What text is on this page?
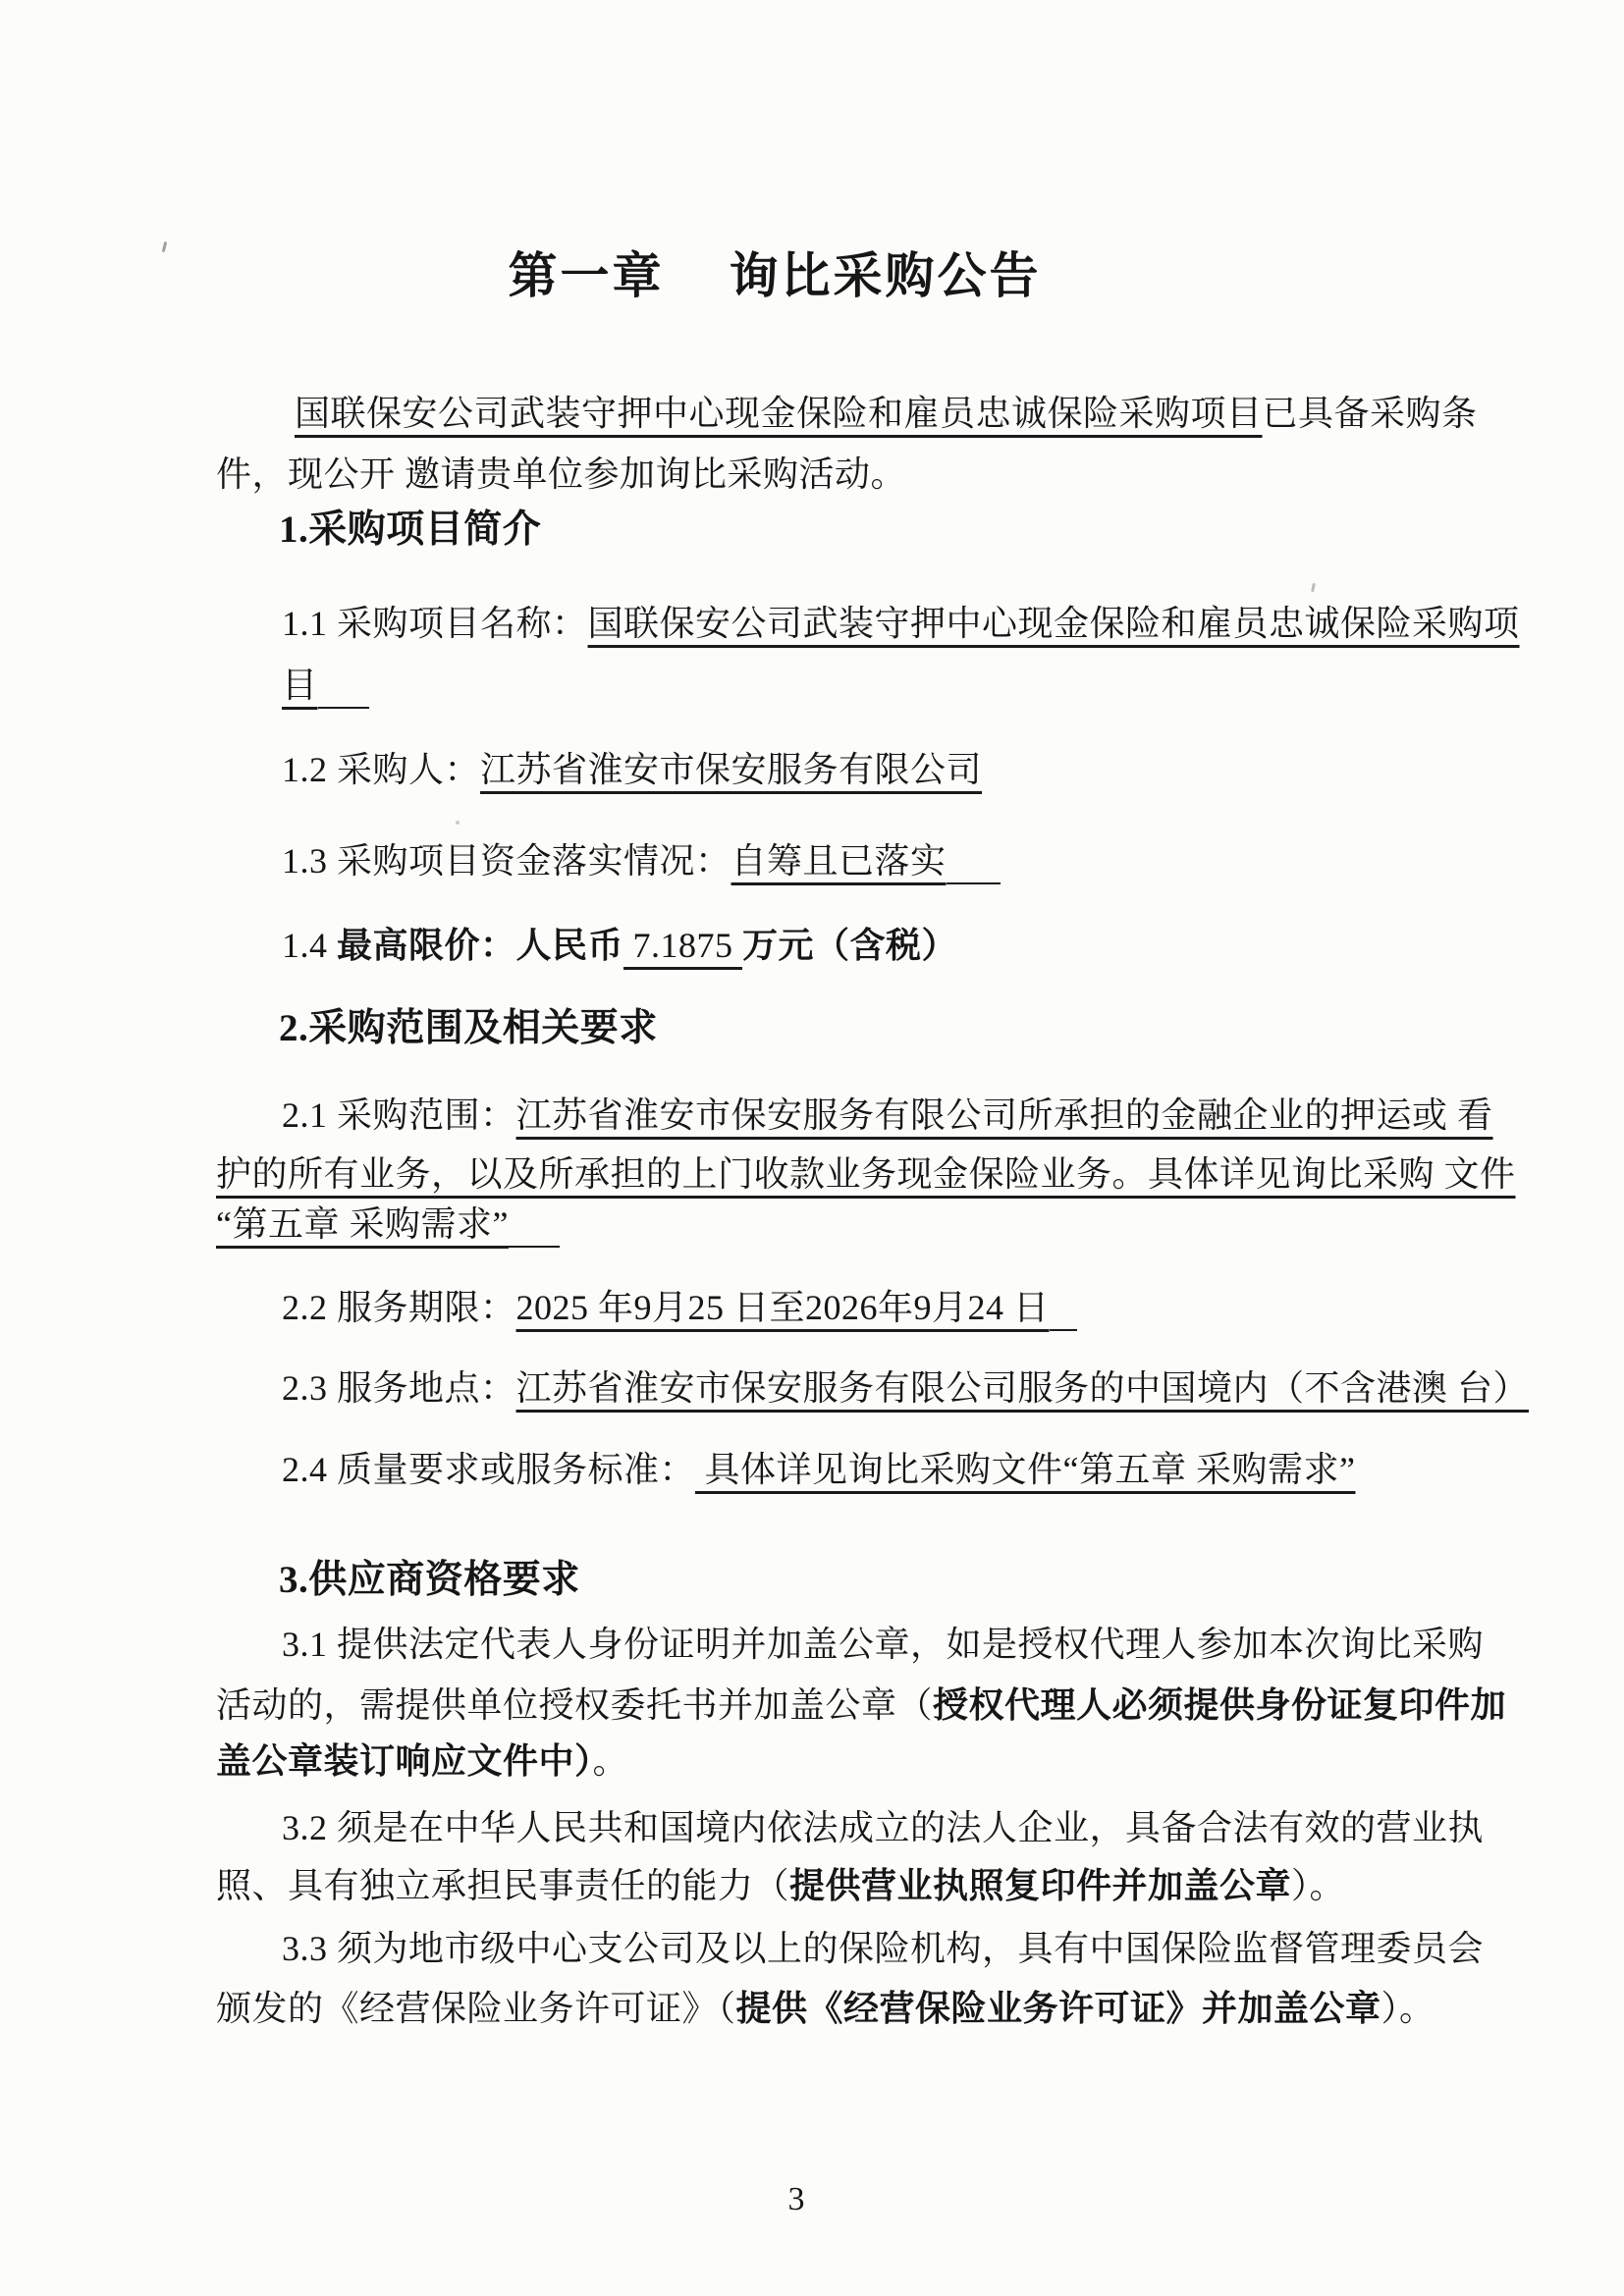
第一章 询比采购公告
国联保安公司武装守押中心现金保险和雇员忠诚保险采购项目已具备采购条
件，现公开 邀请贵单位参加询比采购活动。
1.采购项目简介
1.1 采购项目名称：国联保安公司武装守押中心现金保险和雇员忠诚保险采购项
目
1.2 采购人：江苏省淮安市保安服务有限公司
1.3 采购项目资金落实情况：自筹且已落实
1.4 最高限价：人民币 7.1875 万元（含税）
2.采购范围及相关要求
2.1 采购范围：江苏省淮安市保安服务有限公司所承担的金融企业的押运或 看
护的所有业务，以及所承担的上门收款业务现金保险业务。具体详见询比采购 文件
“第五章 采购需求”
2.2 服务期限：2025 年9月25 日至2026年9月24 日
2.3 服务地点：江苏省淮安市保安服务有限公司服务的中国境内（不含港澳 台）
2.4 质量要求或服务标准： 具体详见询比采购文件“第五章 采购需求”
3.供应商资格要求
3.1 提供法定代表人身份证明并加盖公章，如是授权代理人参加本次询比采购
活动的，需提供单位授权委托书并加盖公章（授权代理人必须提供身份证复印件加
盖公章装订响应文件中）。
3.2 须是在中华人民共和国境内依法成立的法人企业，具备合法有效的营业执
照、具有独立承担民事责任的能力（提供营业执照复印件并加盖公章）。
3.3 须为地市级中心支公司及以上的保险机构，具有中国保险监督管理委员会
颁发的《经营保险业务许可证》（提供《经营保险业务许可证》并加盖公章）。
3
